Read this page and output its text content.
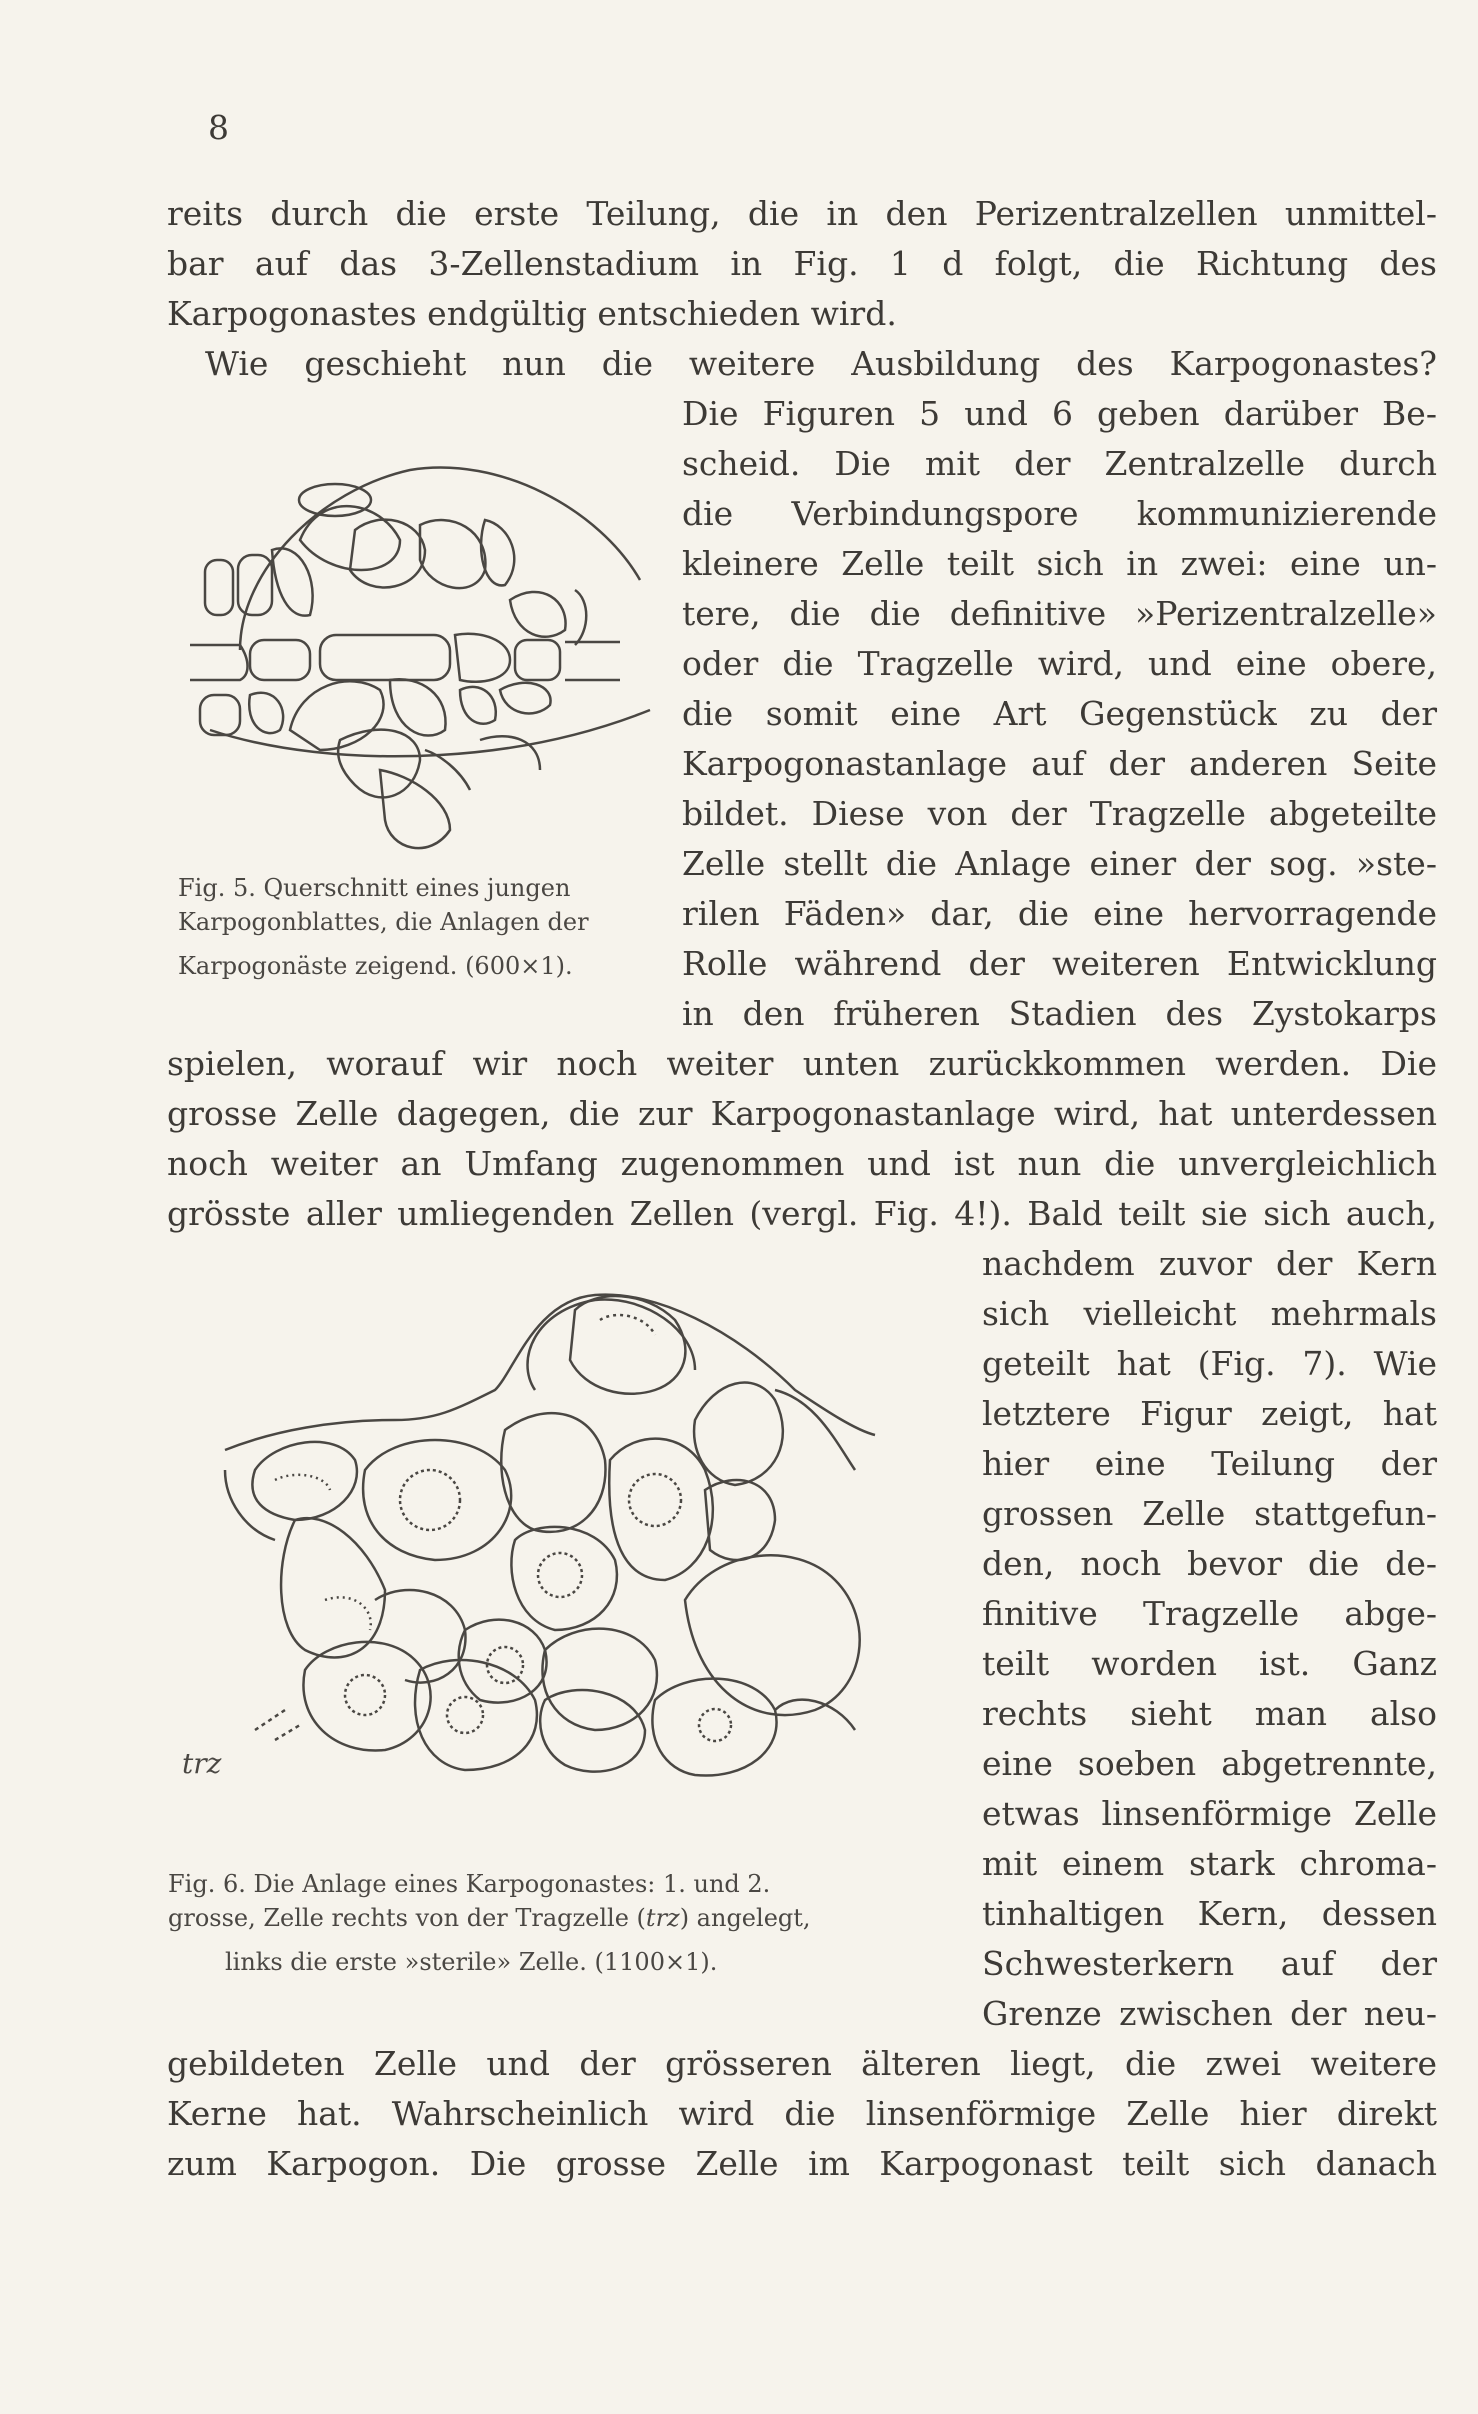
8
reits durch die erste Teilung, die in den Perizentralzellen unmittel-
bar auf das 3-Zellenstadium in Fig. 1 d folgt, die Richtung des
Karpogonastes endgültig entschieden wird.
Wie geschieht nun die weitere Ausbildung des Karpogonastes?
Die Figuren 5 und 6 geben darüber Be-
scheid. Die mit der Zentralzelle durch
die Verbindungspore kommunizierende
kleinere Zelle teilt sich in zwei: eine un-
tere, die die definitive »Perizentralzelle»
oder die Tragzelle wird, und eine obere,
die somit eine Art Gegenstück zu der
Karpogonastanlage auf der anderen Seite
bildet. Diese von der Tragzelle abgeteilte
Zelle stellt die Anlage einer der sog. »ste-
rilen Fäden» dar, die eine hervorragende
Rolle während der weiteren Entwicklung
in den früheren Stadien des Zystokarps
spielen, worauf wir noch weiter unten zurückkommen werden. Die
grosse Zelle dagegen, die zur Karpogonastanlage wird, hat unterdessen
noch weiter an Umfang zugenommen und ist nun die unvergleichlich
grösste aller umliegenden Zellen (vergl. Fig. 4!). Bald teilt sie sich auch,
nachdem zuvor der Kern
sich vielleicht mehrmals
geteilt hat (Fig. 7). Wie
letztere Figur zeigt, hat
hier eine Teilung der
grossen Zelle stattgefun-
den, noch bevor die de-
finitive Tragzelle abge-
teilt worden ist. Ganz
rechts sieht man also
eine soeben abgetrennte,
etwas linsenförmige Zelle
mit einem stark chroma-
tinhaltigen Kern, dessen
Schwesterkern auf der
Grenze zwischen der neu-
gebildeten Zelle und der grösseren älteren liegt, die zwei weitere
Kerne hat. Wahrscheinlich wird die linsenförmige Zelle hier direkt
zum Karpogon. Die grosse Zelle im Karpogonast teilt sich danach
Fig. 5. Querschnitt eines jungen
Karpogonblattes, die Anlagen der
Karpogonäste zeigend. (600×1).
trz
Fig. 6. Die Anlage eines Karpogonastes: 1. und 2.
grosse, Zelle rechts von der Tragzelle (trz) angelegt,
links die erste »sterile» Zelle. (1100×1).
